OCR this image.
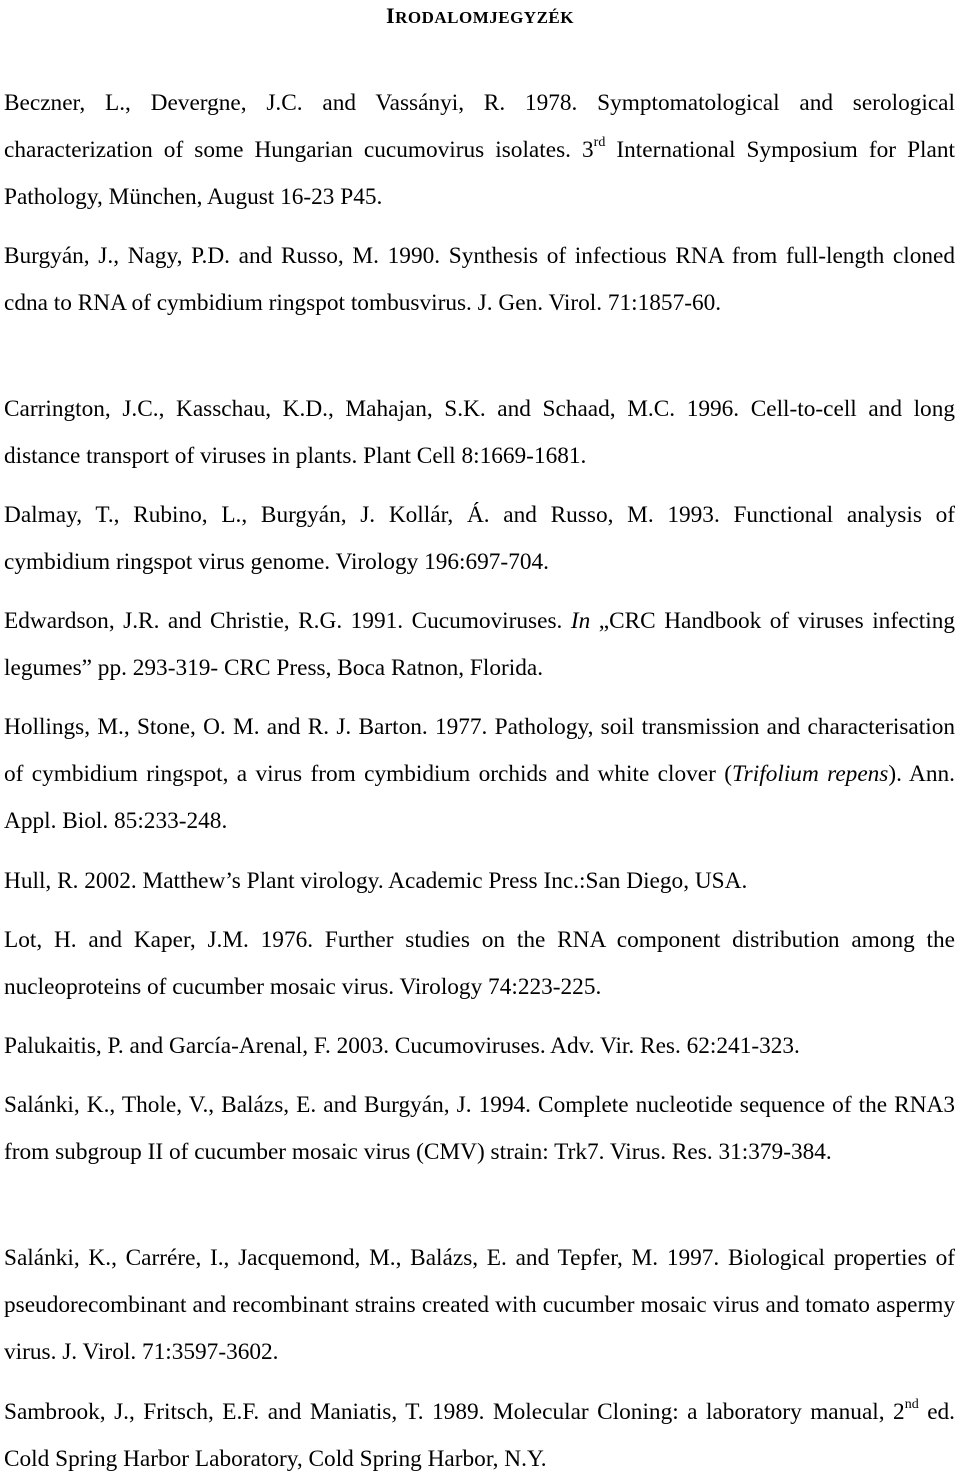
IRODALOMJEGYZÉK

Beczner, L., Devergne, J.C. and Vassányi, R. 1978. Symptomatological and serological characterization of some Hungarian cucumovirus isolates. 3rd International Symposium for Plant Pathology, München, August 16-23 P45.

Burgyán, J., Nagy, P.D. and Russo, M. 1990. Synthesis of infectious RNA from full-length cloned cdna to RNA of cymbidium ringspot tombusvirus. J. Gen. Virol. 71:1857-60.

Carrington, J.C., Kasschau, K.D., Mahajan, S.K. and Schaad, M.C. 1996. Cell-to-cell and long distance transport of viruses in plants. Plant Cell 8:1669-1681.

Dalmay, T., Rubino, L., Burgyán, J. Kollár, Á. and Russo, M. 1993. Functional analysis of cymbidium ringspot virus genome. Virology 196:697-704.

Edwardson, J.R. and Christie, R.G. 1991. Cucumoviruses. In „CRC Handbook of viruses infecting legumes” pp. 293-319- CRC Press, Boca Ratnon, Florida.

Hollings, M., Stone, O. M. and R. J. Barton. 1977. Pathology, soil transmission and characterisation of cymbidium ringspot, a virus from cymbidium orchids and white clover (Trifolium repens). Ann. Appl. Biol. 85:233-248.

Hull, R. 2002. Matthew’s Plant virology. Academic Press Inc.:San Diego, USA.

Lot, H. and Kaper, J.M. 1976. Further studies on the RNA component distribution among the nucleoproteins of cucumber mosaic virus. Virology 74:223-225.

Palukaitis, P. and García-Arenal, F. 2003. Cucumoviruses. Adv. Vir. Res. 62:241-323.

Salánki, K., Thole, V., Balázs, E. and Burgyán, J. 1994. Complete nucleotide sequence of the RNA3 from subgroup II of cucumber mosaic virus (CMV) strain: Trk7. Virus. Res. 31:379-384.

Salánki, K., Carrére, I., Jacquemond, M., Balázs, E. and Tepfer, M. 1997. Biological properties of pseudorecombinant and recombinant strains created with cucumber mosaic virus and tomato aspermy virus. J. Virol. 71:3597-3602.

Sambrook, J., Fritsch, E.F. and Maniatis, T. 1989. Molecular Cloning: a laboratory manual, 2nd ed. Cold Spring Harbor Laboratory, Cold Spring Harbor, N.Y.
